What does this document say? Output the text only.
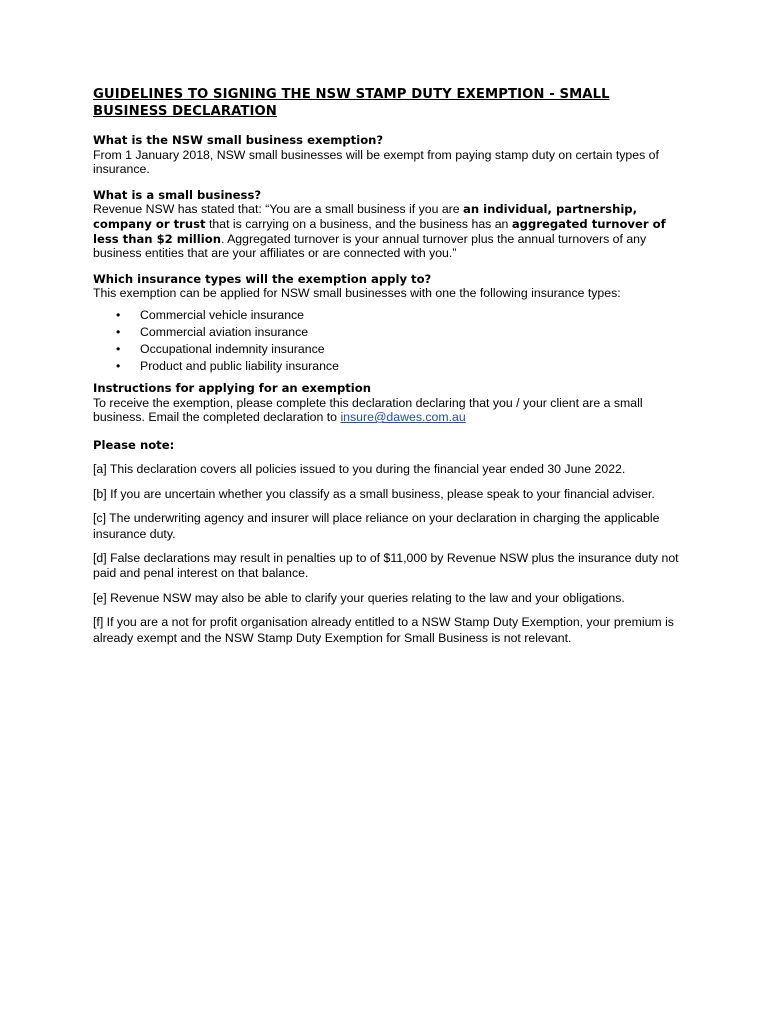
GUIDELINES TO SIGNING THE NSW STAMP DUTY EXEMPTION - SMALL BUSINESS DECLARATION
What is the NSW small business exemption?

From 1 January 2018, NSW small businesses will be exempt from paying stamp duty on certain types of insurance.

What is a small business?

Revenue NSW has stated that: “You are a small business if you are an individual, partnership, company or trust that is carrying on a business, and the business has an aggregated turnover of less than $2 million. Aggregated turnover is your annual turnover plus the annual turnovers of any business entities that are your affiliates or are connected with you.”

Which insurance types will the exemption apply to?

This exemption can be applied for NSW small businesses with one the following insurance types:

• Commercial vehicle insurance
• Commercial aviation insurance
• Occupational indemnity insurance
• Product and public liability insurance
Instructions for applying for an exemption

To receive the exemption, please complete this declaration declaring that you / your client are a small business. Email the completed declaration to insure@dawes.com.au

Please note:

[a] This declaration covers all policies issued to you during the financial year ended 30 June 2022.

[b] If you are uncertain whether you classify as a small business, please speak to your financial adviser.

[c] The underwriting agency and insurer will place reliance on your declaration in charging the applicable insurance duty.

[d] False declarations may result in penalties up to of $11,000 by Revenue NSW plus the insurance duty not paid and penal interest on that balance.

[e] Revenue NSW may also be able to clarify your queries relating to the law and your obligations.

[f] If you are a not for profit organisation already entitled to a NSW Stamp Duty Exemption, your premium is already exempt and the NSW Stamp Duty Exemption for Small Business is not relevant.
